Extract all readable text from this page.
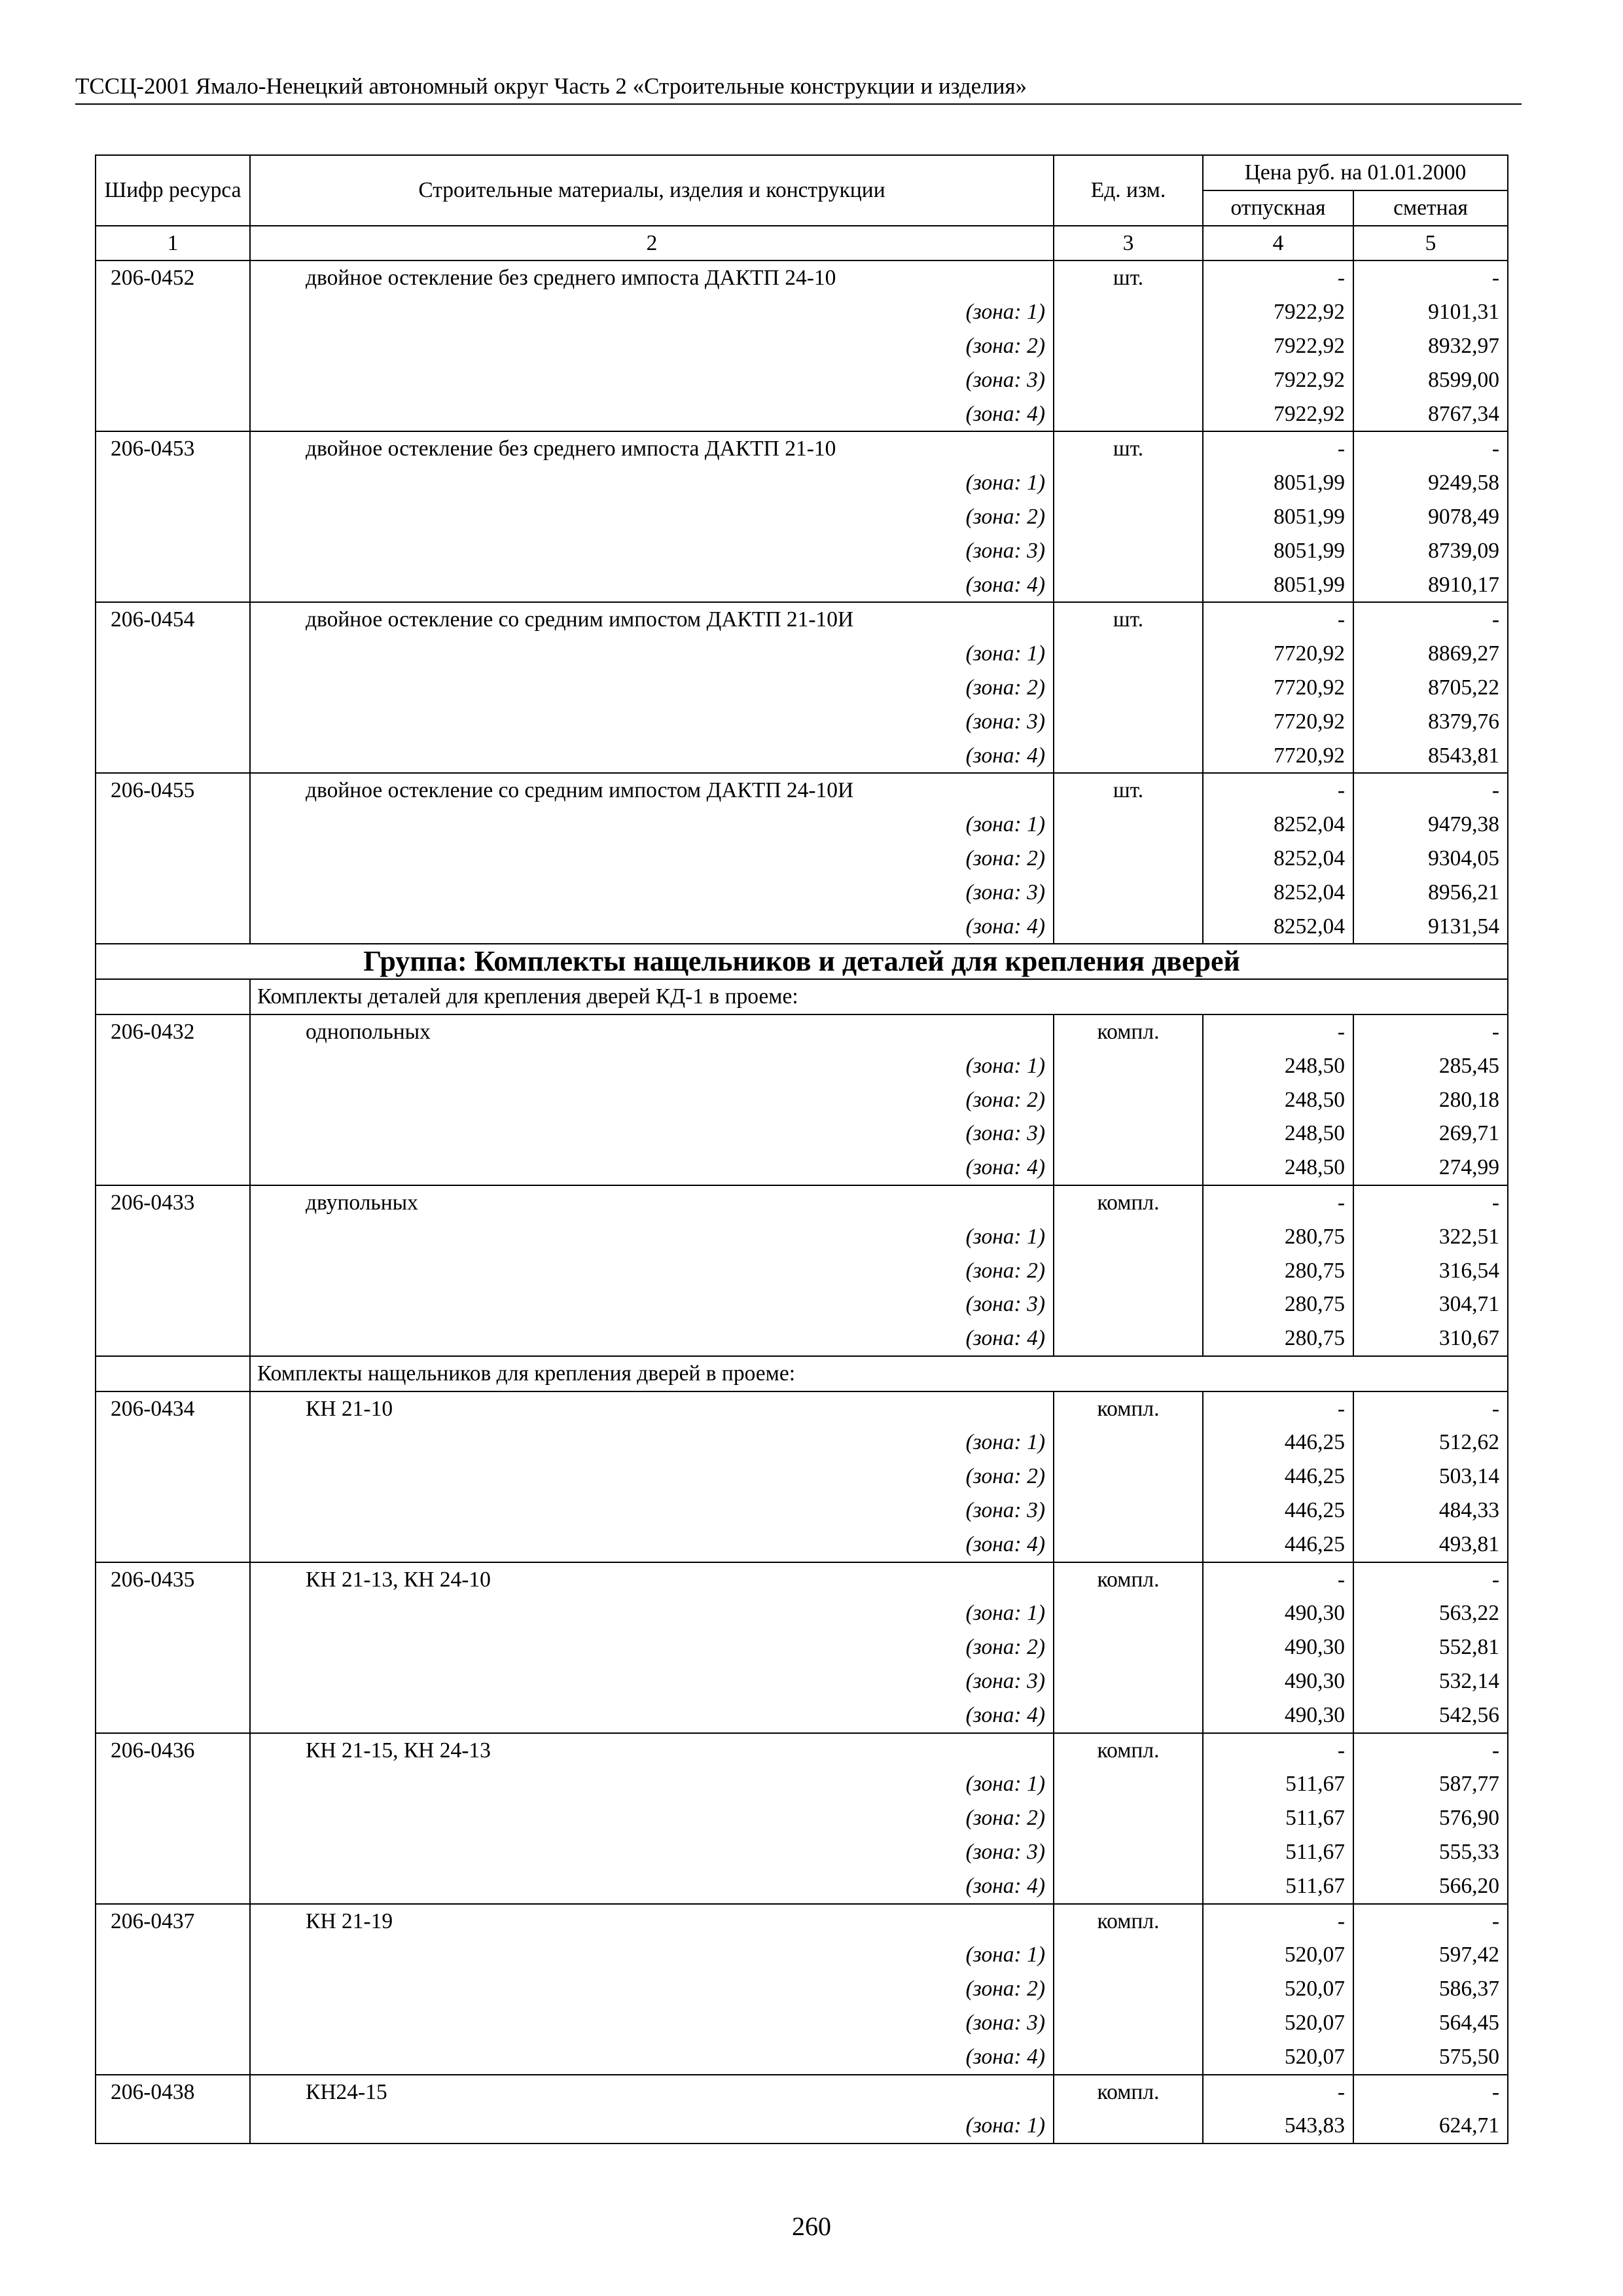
ТССЦ-2001 Ямало-Ненецкий автономный округ Часть 2 «Строительные конструкции и изделия»
Шифр ресурса	Строительные материалы, изделия и конструкции	Ед. изм.	Цена руб. на 01.01.2000	
			отпускная	сметная
1	2	3	4	5
206-0452	двойное остекление без среднего импоста ДАКТП 24-10	шт.	-	-
	(зона: 1)		7922,92	9101,31
	(зона: 2)		7922,92	8932,97
	(зона: 3)		7922,92	8599,00
	(зона: 4)		7922,92	8767,34
206-0453	двойное остекление без среднего импоста ДАКТП 21-10	шт.	-	-
	(зона: 1)		8051,99	9249,58
	(зона: 2)		8051,99	9078,49
	(зона: 3)		8051,99	8739,09
	(зона: 4)		8051,99	8910,17
206-0454	двойное остекление со средним импостом ДАКТП 21-10И	шт.	-	-
	(зона: 1)		7720,92	8869,27
	(зона: 2)		7720,92	8705,22
	(зона: 3)		7720,92	8379,76
	(зона: 4)		7720,92	8543,81
206-0455	двойное остекление со средним импостом ДАКТП 24-10И	шт.	-	-
	(зона: 1)		8252,04	9479,38
	(зона: 2)		8252,04	9304,05
	(зона: 3)		8252,04	8956,21
	(зона: 4)		8252,04	9131,54
Группа: Комплекты нащельников и деталей для крепления дверей				
	Комплекты деталей для крепления дверей КД-1 в проеме:			
206-0432	однопольных	компл.	-	-
	(зона: 1)		248,50	285,45
	(зона: 2)		248,50	280,18
	(зона: 3)		248,50	269,71
	(зона: 4)		248,50	274,99
206-0433	двупольных	компл.	-	-
	(зона: 1)		280,75	322,51
	(зона: 2)		280,75	316,54
	(зона: 3)		280,75	304,71
	(зона: 4)		280,75	310,67
	Комплекты нащельников для крепления дверей в проеме:			
206-0434	КН 21-10	компл.	-	-
	(зона: 1)		446,25	512,62
	(зона: 2)		446,25	503,14
	(зона: 3)		446,25	484,33
	(зона: 4)		446,25	493,81
206-0435	КН 21-13, КН 24-10	компл.	-	-
	(зона: 1)		490,30	563,22
	(зона: 2)		490,30	552,81
	(зона: 3)		490,30	532,14
	(зона: 4)		490,30	542,56
206-0436	КН 21-15, КН 24-13	компл.	-	-
	(зона: 1)		511,67	587,77
	(зона: 2)		511,67	576,90
	(зона: 3)		511,67	555,33
	(зона: 4)		511,67	566,20
206-0437	КН 21-19	компл.	-	-
	(зона: 1)		520,07	597,42
	(зона: 2)		520,07	586,37
	(зона: 3)		520,07	564,45
	(зона: 4)		520,07	575,50
206-0438	КН24-15	компл.	-	-
	(зона: 1)		543,83	624,71
260
